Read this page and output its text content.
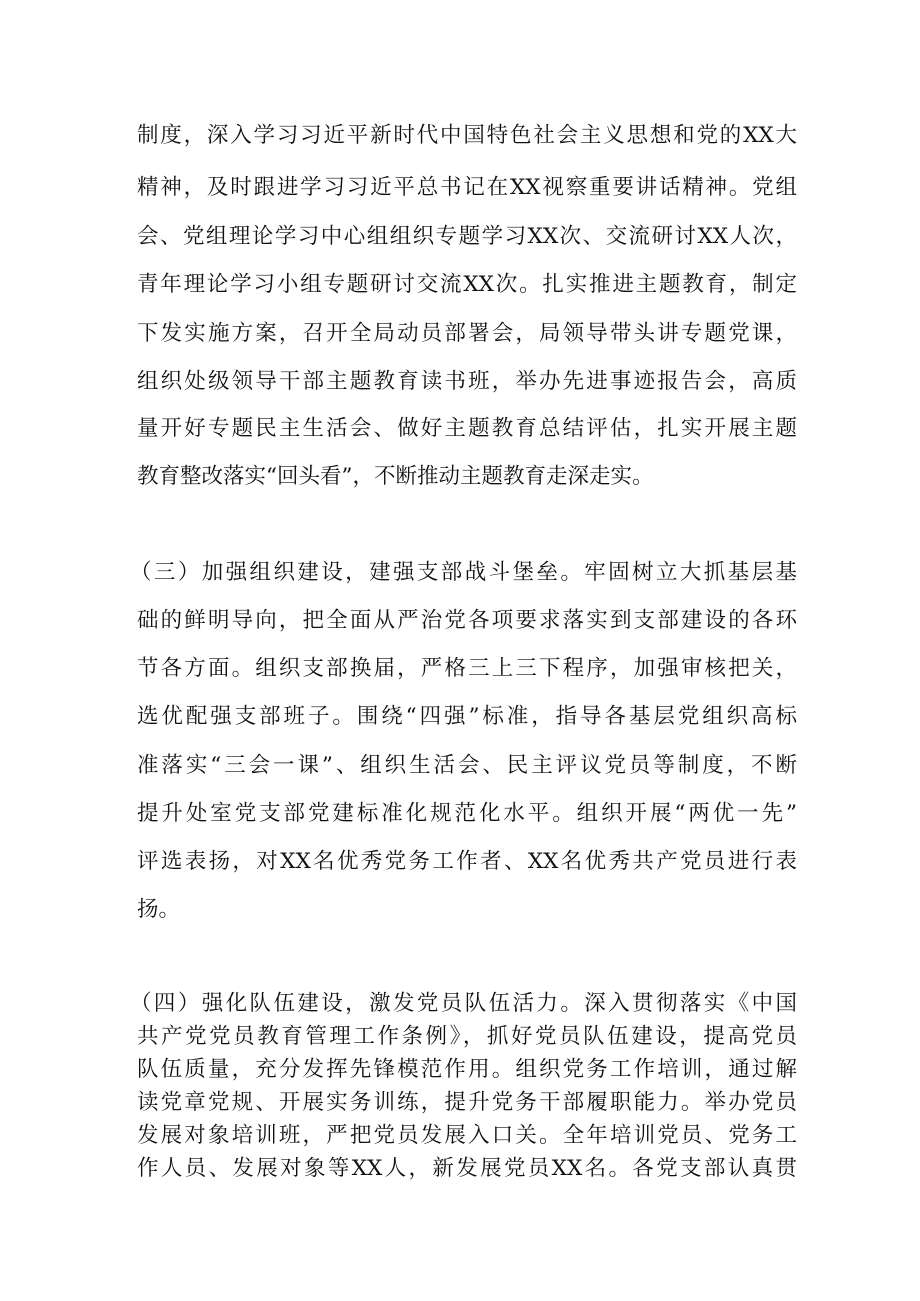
制度，深入学习习近平新时代中国特色社会主义思想和党的XX大
精神，及时跟进学习习近平总书记在XX视察重要讲话精神。党组
会、党组理论学习中心组组织专题学习XX次、交流研讨XX人次，
青年理论学习小组专题研讨交流XX次。扎实推进主题教育，制定
下发实施方案，召开全局动员部署会，局领导带头讲专题党课，
组织处级领导干部主题教育读书班，举办先进事迹报告会，高质
量开好专题民主生活会、做好主题教育总结评估，扎实开展主题
教育整改落实“回头看”，不断推动主题教育走深走实。
（三）加强组织建设，建强支部战斗堡垒。牢固树立大抓基层基
础的鲜明导向，把全面从严治党各项要求落实到支部建设的各环
节各方面。组织支部换届，严格三上三下程序，加强审核把关，
选优配强支部班子。围绕“四强”标准，指导各基层党组织高标
准落实“三会一课”、组织生活会、民主评议党员等制度，不断
提升处室党支部党建标准化规范化水平。组织开展“两优一先”
评选表扬，对XX名优秀党务工作者、XX名优秀共产党员进行表
扬。
（四）强化队伍建设，激发党员队伍活力。深入贯彻落实《中国
共产党党员教育管理工作条例》，抓好党员队伍建设，提高党员
队伍质量，充分发挥先锋模范作用。组织党务工作培训，通过解
读党章党规、开展实务训练，提升党务干部履职能力。举办党员
发展对象培训班，严把党员发展入口关。全年培训党员、党务工
作人员、发展对象等XX人，新发展党员XX名。各党支部认真贯
